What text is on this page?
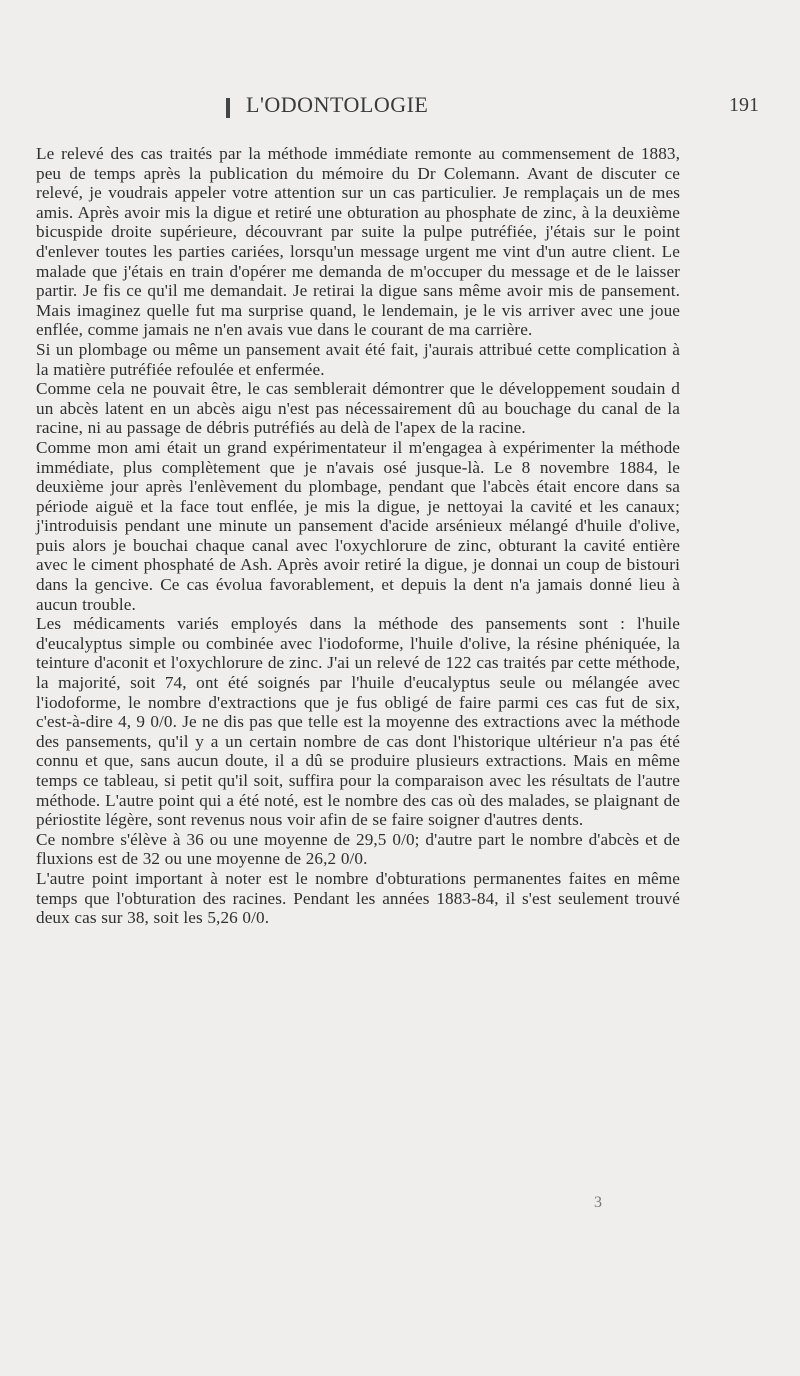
L'ODONTOLOGIE	191

Le relevé des cas traités par la méthode immédiate remonte au commensement de 1883, peu de temps après la publication du mémoire du Dr Colemann. Avant de discuter ce relevé, je voudrais appeler votre attention sur un cas particulier. Je remplaçais un de mes amis. Après avoir mis la digue et retiré une obturation au phosphate de zinc, à la deuxième bicuspide droite supérieure, découvrant par suite la pulpe putréfiée, j'étais sur le point d'enlever toutes les parties cariées, lorsqu'un message urgent me vint d'un autre client. Le malade que j'étais en train d'opérer me demanda de m'occuper du message et de le laisser partir. Je fis ce qu'il me demandait. Je retirai la digue sans même avoir mis de pansement. Mais imaginez quelle fut ma surprise quand, le lendemain, je le vis arriver avec une joue enflée, comme jamais ne n'en avais vue dans le courant de ma carrière.

Si un plombage ou même un pansement avait été fait, j'aurais attribué cette complication à la matière putréfiée refoulée et enfermée.

Comme cela ne pouvait être, le cas semblerait démontrer que le développement soudain d un abcès latent en un abcès aigu n'est pas nécessairement dû au bouchage du canal de la racine, ni au passage de débris putréfiés au delà de l'apex de la racine.

Comme mon ami était un grand expérimentateur il m'engagea à expérimenter la méthode immédiate, plus complètement que je n'avais osé jusque-là. Le 8 novembre 1884, le deuxième jour après l'enlèvement du plombage, pendant que l'abcès était encore dans sa période aiguë et la face tout enflée, je mis la digue, je nettoyai la cavité et les canaux; j'introduisis pendant une minute un pansement d'acide arsénieux mélangé d'huile d'olive, puis alors je bouchai chaque canal avec l'oxychlorure de zinc, obturant la cavité entière avec le ciment phosphaté de Ash. Après avoir retiré la digue, je donnai un coup de bistouri dans la gencive. Ce cas évolua favorablement, et depuis la dent n'a jamais donné lieu à aucun trouble.

Les médicaments variés employés dans la méthode des pansements sont : l'huile d'eucalyptus simple ou combinée avec l'iodoforme, l'huile d'olive, la résine phéniquée, la teinture d'aconit et l'oxychlorure de zinc. J'ai un relevé de 122 cas traités par cette méthode, la majorité, soit 74, ont été soignés par l'huile d'eucalyptus seule ou mélangée avec l'iodoforme, le nombre d'extractions que je fus obligé de faire parmi ces cas fut de six, c'est-à-dire 4, 9 0/0. Je ne dis pas que telle est la moyenne des extractions avec la méthode des pansements, qu'il y a un certain nombre de cas dont l'historique ultérieur n'a pas été connu et que, sans aucun doute, il a dû se produire plusieurs extractions. Mais en même temps ce tableau, si petit qu'il soit, suffira pour la comparaison avec les résultats de l'autre méthode. L'autre point qui a été noté, est le nombre des cas où des malades, se plaignant de périostite légère, sont revenus nous voir afin de se faire soigner d'autres dents.

Ce nombre s'élève à 36 ou une moyenne de 29,5 0/0; d'autre part le nombre d'abcès et de fluxions est de 32 ou une moyenne de 26,2 0/0.

L'autre point important à noter est le nombre d'obturations permanentes faites en même temps que l'obturation des racines. Pendant les années 1883-84, il s'est seulement trouvé deux cas sur 38, soit les 5,26 0/0.

3
